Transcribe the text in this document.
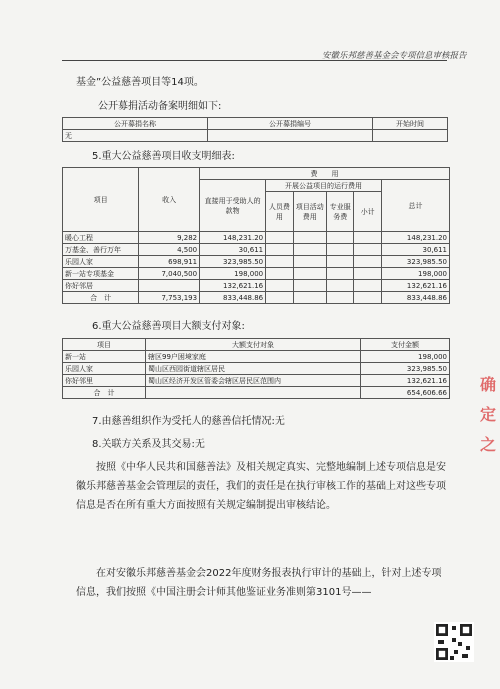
安徽乐邦慈善基金会专项信息审核报告
基金”公益慈善项目等14项。
公开募捐活动备案明细如下:
公开募捐名称	公开募捐编号	开始时间
无		
5.重大公益慈善项目收支明细表:
项目	收入	费　　用					
		直接用于受助人的款物	开展公益项目的运行费用				总计
			人员费用	项目活动费用	专业服务费	小计	
暖心工程	9,282	148,231.20					148,231.20
万基金、善行万年	4,500	30,611					30,611
乐园人家	698,911	323,985.50					323,985.50
新一站专项基金	7,040,500	198,000					198,000
你好邻居		132,621.16					132,621.16
合　计	7,753,193	833,448.86					833,448.86
6.重大公益慈善项目大额支付对象:
项目	大额支付对象	支付金额
新一站	辖区99户困境家庭	198,000
乐园人家	蜀山区西园街道辖区居民	323,985.50
你好邻里	蜀山区经济开发区管委会辖区居民区范围内	132,621.16
合　计		654,606.66
7.由慈善组织作为受托人的慈善信托情况:无
8.关联方关系及其交易:无
按照《中华人民共和国慈善法》及相关规定真实、完整地编制上述专项信息是安徽乐邦慈善基金会管理层的责任，我们的责任是在执行审核工作的基础上对这些专项信息是否在所有重大方面按照有关规定编制提出审核结论。
在对安徽乐邦慈善基金会2022年度财务报表执行审计的基础上，针对上述专项信息，我们按照《中国注册会计师其他鉴证业务准则第3101号——
确 定 之
